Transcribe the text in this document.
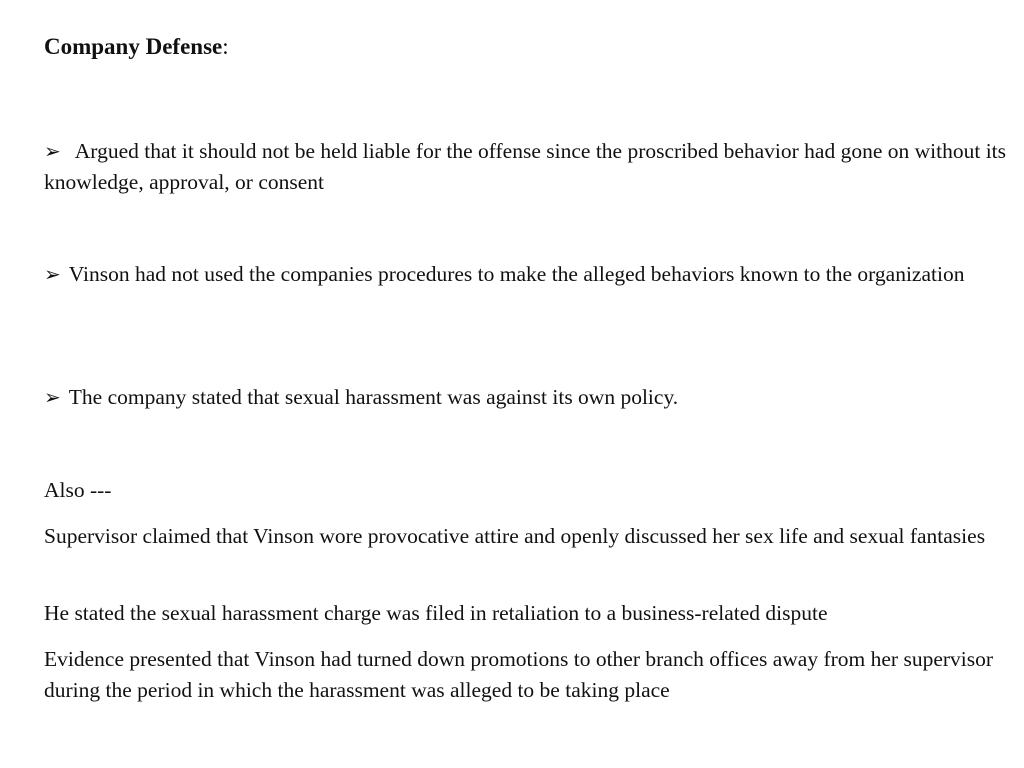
Company Defense:
➢ Argued that it should not be held liable for the offense since the proscribed behavior had gone on without its knowledge, approval, or consent
➢ Vinson had not used the companies procedures to make the alleged behaviors known to the organization
➢ The company stated that sexual harassment was against its own policy.
Also ---
Supervisor claimed that Vinson wore provocative attire and openly discussed her sex life and sexual fantasies
He stated the sexual harassment charge was filed in retaliation to a business-related dispute
Evidence presented that Vinson had turned down promotions to other branch offices away from her supervisor during the period in which the harassment was alleged to be taking place
